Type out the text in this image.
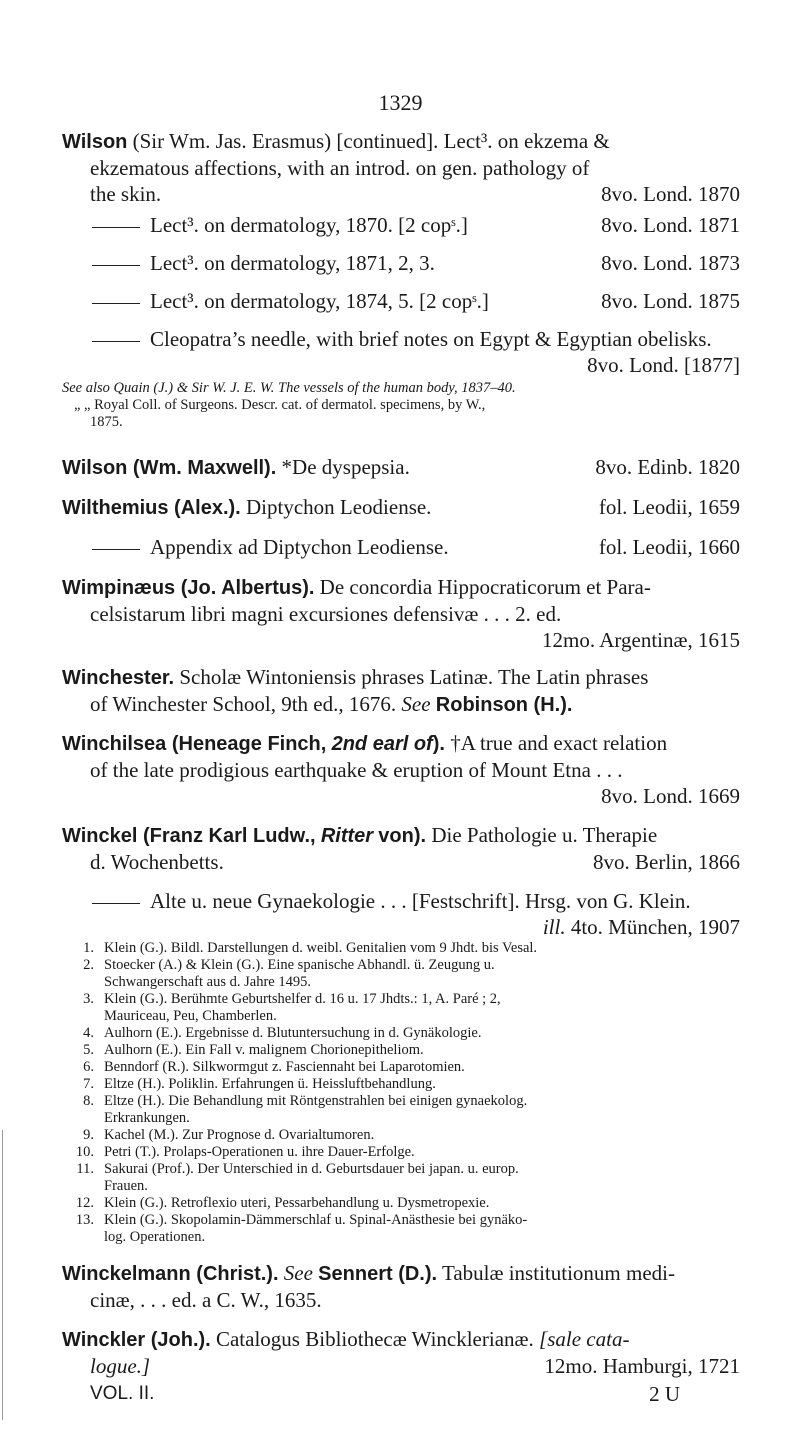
1329
Wilson (Sir Wm. Jas. Erasmus) [continued]. Lect³. on ekzema &
ekzematous affections, with an introd. on gen. pathology of
the skin.	8vo. Lond. 1870
Lect³. on dermatology, 1870. [2 copˢ.]	8vo. Lond. 1871
Lect³. on dermatology, 1871, 2, 3.	8vo. Lond. 1873
Lect³. on dermatology, 1874, 5. [2 copˢ.]	8vo. Lond. 1875
Cleopatra’s needle, with brief notes on Egypt & Egyptian obelisks.
8vo. Lond. [1877]
See also Quain (J.) & Sir W. J. E. W. The vessels of the human body, 1837–40.
„ „ Royal Coll. of Surgeons. Descr. cat. of dermatol. specimens, by W.,
1875.
Wilson (Wm. Maxwell). *De dyspepsia.	8vo. Edinb. 1820
Wilthemius (Alex.). Diptychon Leodiense.	fol. Leodii, 1659
Appendix ad Diptychon Leodiense.	fol. Leodii, 1660
Wimpinæus (Jo. Albertus). De concordia Hippocraticorum et Para-
celsistarum libri magni excursiones defensivæ . . . 2. ed.
12mo. Argentinæ, 1615
Winchester. Scholæ Wintoniensis phrases Latinæ. The Latin phrases
of Winchester School, 9th ed., 1676. See Robinson (H.).
Winchilsea (Heneage Finch, 2nd earl of). †A true and exact relation
of the late prodigious earthquake & eruption of Mount Etna . . .
8vo. Lond. 1669
Winckel (Franz Karl Ludw., Ritter von). Die Pathologie u. Therapie
d. Wochenbetts.	8vo. Berlin, 1866
Alte u. neue Gynaekologie . . . [Festschrift]. Hrsg. von G. Klein.
ill. 4to. München, 1907
1. Klein (G.). Bildl. Darstellungen d. weibl. Genitalien vom 9 Jhdt. bis Vesal.
2. Stoecker (A.) & Klein (G.). Eine spanische Abhandl. ü. Zeugung u.
Schwangerschaft aus d. Jahre 1495.
3. Klein (G.). Berühmte Geburtshelfer d. 16 u. 17 Jhdts.: 1, A. Paré ; 2,
Mauriceau, Peu, Chamberlen.
4. Aulhorn (E.). Ergebnisse d. Blutuntersuchung in d. Gynäkologie.
5. Aulhorn (E.). Ein Fall v. malignem Chorionepitheliom.
6. Benndorf (R.). Silkwormgut z. Fasciennaht bei Laparotomien.
7. Eltze (H.). Poliklin. Erfahrungen ü. Heissluftbehandlung.
8. Eltze (H.). Die Behandlung mit Röntgenstrahlen bei einigen gynaekolog.
Erkrankungen.
9. Kachel (M.). Zur Prognose d. Ovarialtumoren.
10. Petri (T.). Prolaps-Operationen u. ihre Dauer-Erfolge.
11. Sakurai (Prof.). Der Unterschied in d. Geburtsdauer bei japan. u. europ.
Frauen.
12. Klein (G.). Retroflexio uteri, Pessarbehandlung u. Dysmetropexie.
13. Klein (G.). Skopolamin-Dämmerschlaf u. Spinal-Anästhesie bei gynäko-
log. Operationen.
Winckelmann (Christ.). See Sennert (D.). Tabulæ institutionum medi-
cinæ, . . . ed. a C. W., 1635.
Winckler (Joh.). Catalogus Bibliothecæ Wincklerianæ. [sale cata-
logue.]	12mo. Hamburgi, 1721
VOL. II.	2 U
